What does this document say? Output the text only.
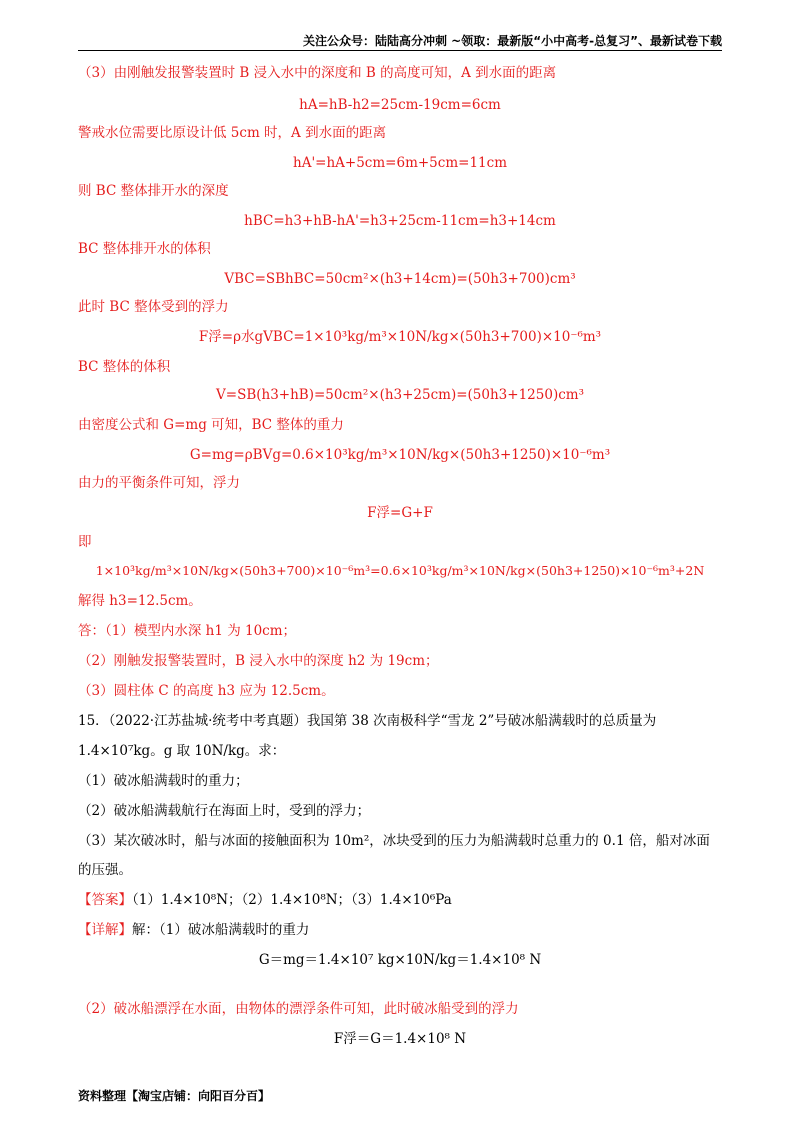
关注公众号：陆陆高分冲刺 ~领取：最新版“小中高考-总复习”、最新试卷下载
（3）由刚触发报警装置时 B 浸入水中的深度和 B 的高度可知，A 到水面的距离
hA=hB-h2=25cm-19cm=6cm
警戒水位需要比原设计低 5cm 时，A 到水面的距离
hA'=hA+5cm=6m+5cm=11cm
则 BC 整体排开水的深度
hBC=h3+hB-hA'=h3+25cm-11cm=h3+14cm
BC 整体排开水的体积
VBC=SBhBC=50cm²×(h3+14cm)=(50h3+700)cm³
此时 BC 整体受到的浮力
F浮=ρ水gVBC=1×10³kg/m³×10N/kg×(50h3+700)×10⁻⁶m³
BC 整体的体积
V=SB(h3+hB)=50cm²×(h3+25cm)=(50h3+1250)cm³
由密度公式和 G=mg 可知，BC 整体的重力
G=mg=ρBVg=0.6×10³kg/m³×10N/kg×(50h3+1250)×10⁻⁶m³
由力的平衡条件可知，浮力
F浮=G+F
即
1×10³kg/m³×10N/kg×(50h3+700)×10⁻⁶m³=0.6×10³kg/m³×10N/kg×(50h3+1250)×10⁻⁶m³+2N
解得 h3=12.5cm。
答：（1）模型内水深 h1 为 10cm；
（2）刚触发报警装置时，B 浸入水中的深度 h2 为 19cm；
（3）圆柱体 C 的高度 h3 应为 12.5cm。
15．（2022·江苏盐城·统考中考真题）我国第 38 次南极科学“雪龙 2”号破冰船满载时的总质量为
1.4×10⁷kg。g 取 10N/kg。求：
（1）破冰船满载时的重力；
（2）破冰船满载航行在海面上时，受到的浮力；
（3）某次破冰时，船与冰面的接触面积为 10m²，冰块受到的压力为船满载时总重力的 0.1 倍，船对冰面
的压强。
【答案】（1）1.4×10⁸N；（2）1.4×10⁸N；（3）1.4×10⁶Pa
【详解】解：（1）破冰船满载时的重力
G＝mg＝1.4×10⁷ kg×10N/kg＝1.4×10⁸ N
（2）破冰船漂浮在水面，由物体的漂浮条件可知，此时破冰船受到的浮力
F浮＝G＝1.4×10⁸ N
资料整理【淘宝店铺：向阳百分百】
